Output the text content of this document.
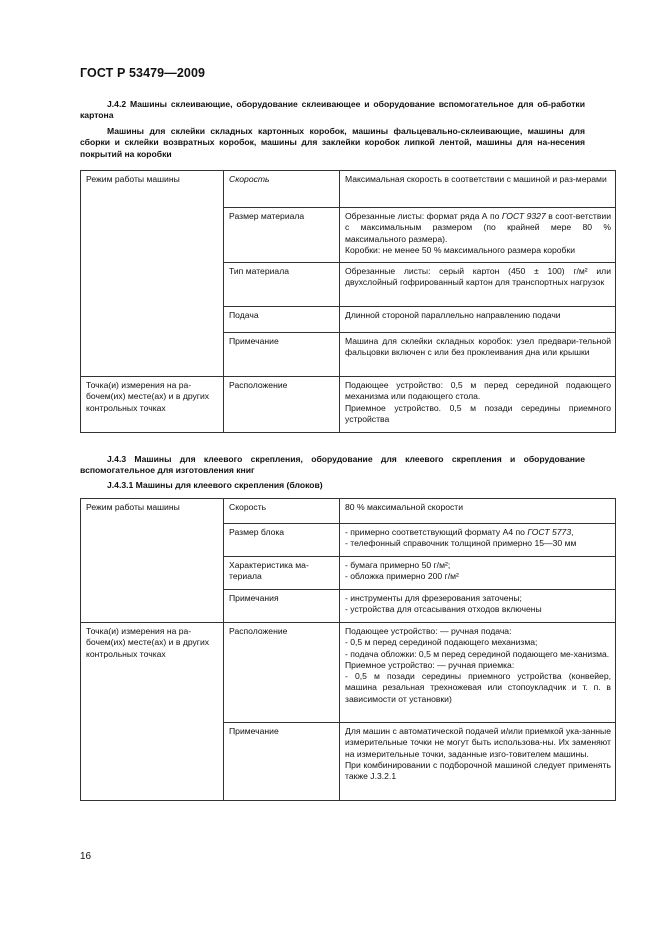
ГОСТ Р 53479—2009
J.4.2 Машины склеивающие, оборудование склеивающее и оборудование вспомогательное для об-работки картона
Машины для склейки складных картонных коробок, машины фальцевально-склеивающие, машины для сборки и склейки возвратных коробок, машины для заклейки коробок липкой лентой, машины для на-несения покрытий на коробки
Режим работы машины	Скорость	Максимальная скорость в соответствии с машиной и раз-мерами
	Размер материала	Обрезанные листы: формат ряда А по ГОСТ 9327 в соот-ветствии с максимальным размером (по крайней мере 80 % максимального размера).
Коробки: не менее 50 % максимального размера коробки

	Тип материала	Обрезанные листы: серый картон (450 ± 100) г/м² или двухслойный гофрированный картон для транспортных нагрузок
	Подача	Длинной стороной параллельно направлению подачи
	Примечание	Машина для склейки складных коробок: узел предвари-тельной фальцовки включен с или без проклеивания дна или крышки
Точка(и) измерения на ра-бочем(их) месте(ах) и в других контрольных точках	Расположение	Подающее устройство: 0,5 м перед серединой подающего механизма или подающего стола.
Приемное устройство. 0,5 м позади середины приемного устройства
J.4.3 Машины для клеевого скрепления, оборудование для клеевого скрепления и оборудование вспомогательное для изготовления книг
J.4.3.1 Машины для клеевого скрепления (блоков)
Режим работы машины	Скорость	80 % максимальной скорости
	Размер блока	- примерно соответствующий формату А4 по ГОСТ 5773,
- телефонный справочник толщиной примерно 15—30 мм

	Характеристика ма-териала	- бумага примерно 50 г/м²;
- обложка примерно 200 г/м²

	Примечания	- инструменты для фрезерования заточены;
- устройства для отсасывания отходов включены

Точка(и) измерения на ра-бочем(их) месте(ах) и в других контрольных точках	Расположение	Подающее устройство: — ручная подача:
- 0,5 м перед серединой подающего механизма;
- подача обложки: 0,5 м перед серединой подающего ме-ханизма.
Приемное устройство: — ручная приемка:
- 0,5 м позади середины приемного устройства (конвейер, машина резальная трехножевая или стопоукладчик и т. п. в зависимости от установки)

	Примечание	Для машин с автоматической подачей и/или приемкой ука-занные измерительные точки не могут быть использова-ны. Их заменяют на измерительные точки, заданные изго-товителем машины.
При комбинировании с подборочной машиной следует применять также J.3.2.1
16
